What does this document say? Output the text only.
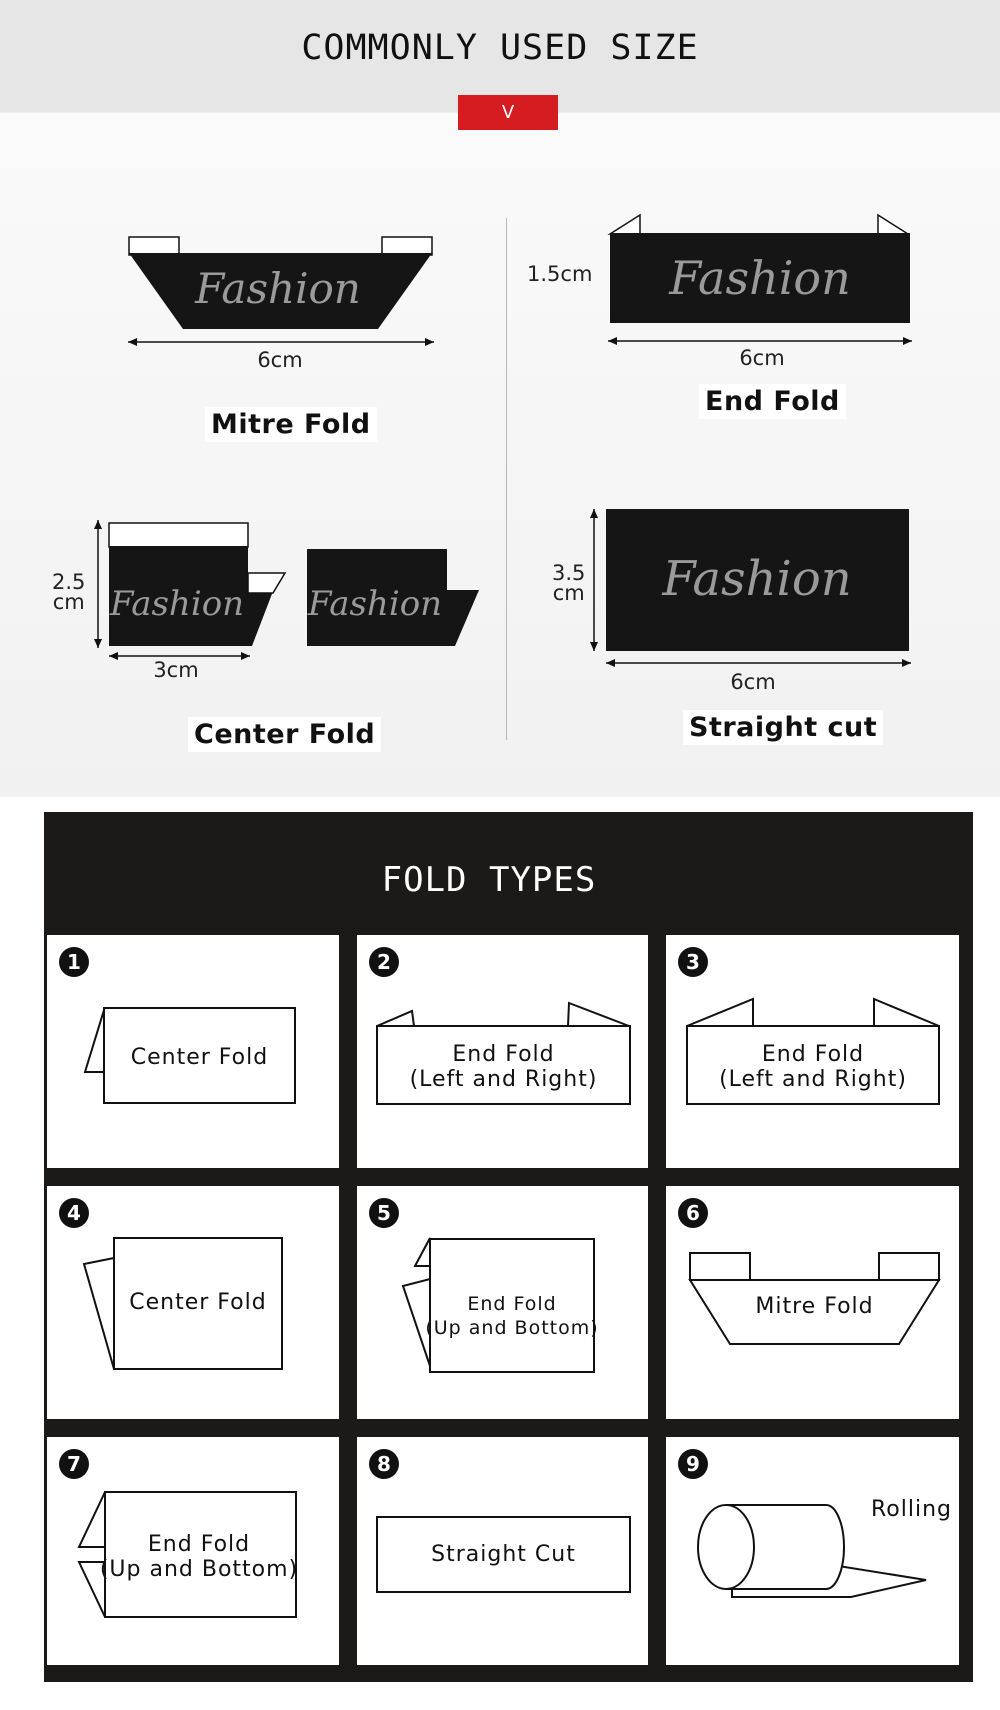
COMMONLY USED SIZE
V
Fashion
6cm
Mitre Fold
Fashion
1.5cm
6cm
End Fold
Fashion Fashion
2.5
cm
3cm
Center Fold
Fashion
3.5
cm
6cm
Straight cut
FOLD TYPES
1
Center Fold
2
End Fold
(Left and Right)
3
End Fold
(Left and Right)
4
Center Fold
5
End Fold
(Up and Bottom)
6
Mitre Fold
7
End Fold
(Up and Bottom)
8
Straight Cut
9
Rolling
